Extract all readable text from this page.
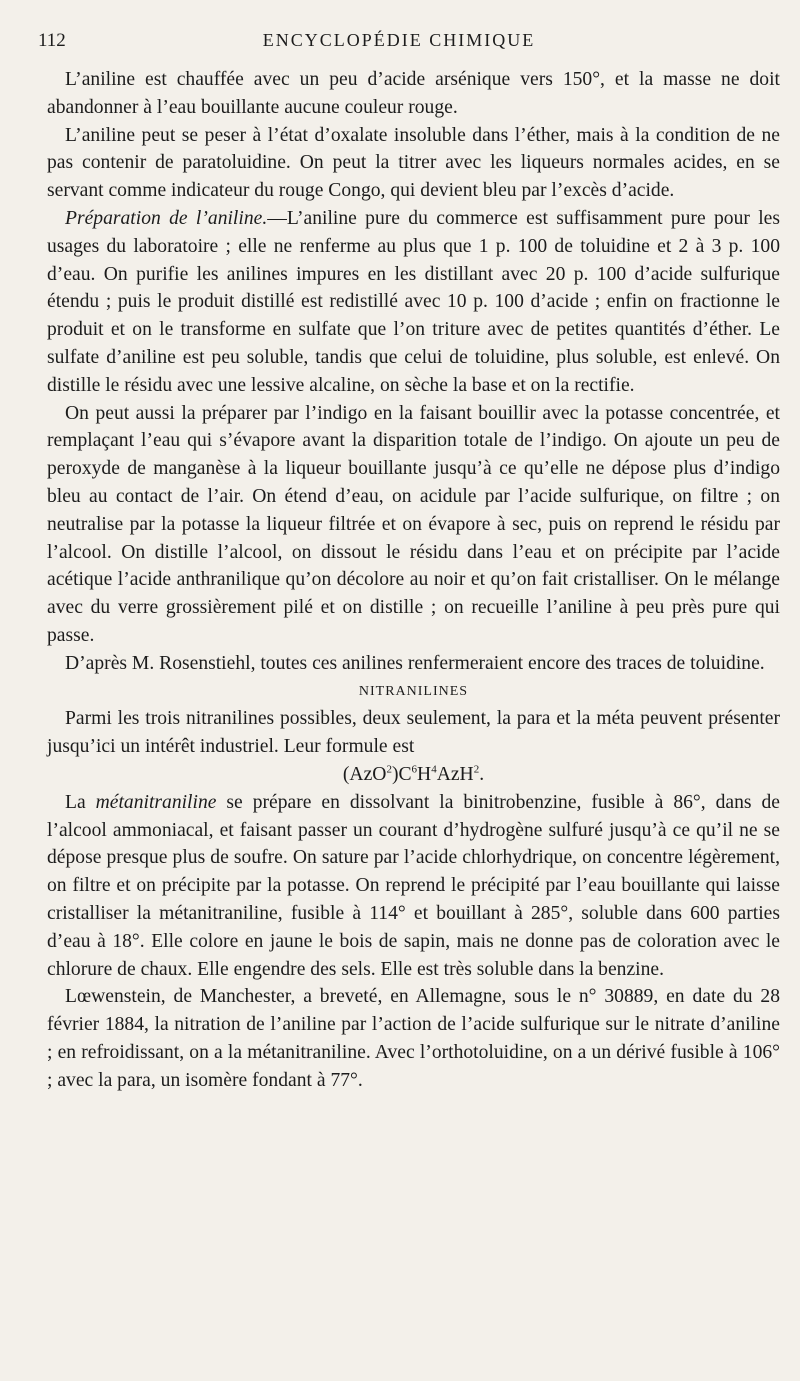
112	ENCYCLOPÉDIE CHIMIQUE

L’aniline est chauffée avec un peu d’acide arsénique vers 150°, et la masse ne doit abandonner à l’eau bouillante aucune couleur rouge.

L’aniline peut se peser à l’état d’oxalate insoluble dans l’éther, mais à la condition de ne pas contenir de paratoluidine. On peut la titrer avec les liqueurs normales acides, en se servant comme indicateur du rouge Congo, qui devient bleu par l’excès d’acide.

Préparation de l’aniline.—L’aniline pure du commerce est suffisamment pure pour les usages du laboratoire ; elle ne renferme au plus que 1 p. 100 de toluidine et 2 à 3 p. 100 d’eau. On purifie les anilines impures en les distillant avec 20 p. 100 d’acide sulfurique étendu ; puis le produit distillé est redistillé avec 10 p. 100 d’acide ; enfin on fractionne le produit et on le transforme en sulfate que l’on triture avec de petites quantités d’éther. Le sulfate d’aniline est peu soluble, tandis que celui de toluidine, plus soluble, est enlevé. On distille le résidu avec une lessive alcaline, on sèche la base et on la rectifie.

On peut aussi la préparer par l’indigo en la faisant bouillir avec la potasse concentrée, et remplaçant l’eau qui s’évapore avant la disparition totale de l’indigo. On ajoute un peu de peroxyde de manganèse à la liqueur bouillante jusqu’à ce qu’elle ne dépose plus d’indigo bleu au contact de l’air. On étend d’eau, on acidule par l’acide sulfurique, on filtre ; on neutralise par la potasse la liqueur filtrée et on évapore à sec, puis on reprend le résidu par l’alcool. On distille l’alcool, on dissout le résidu dans l’eau et on précipite par l’acide acétique l’acide anthranilique qu’on décolore au noir et qu’on fait cristalliser. On le mélange avec du verre grossièrement pilé et on distille ; on recueille l’aniline à peu près pure qui passe.

D’après M. Rosenstiehl, toutes ces anilines renfermeraient encore des traces de toluidine.

NITRANILINES

Parmi les trois nitranilines possibles, deux seulement, la para et la méta peuvent présenter jusqu’ici un intérêt industriel. Leur formule est

$(AzO^2)C^6H^4AzH^2$.

La métanitraniline se prépare en dissolvant la binitrobenzine, fusible à 86°, dans de l’alcool ammoniacal, et faisant passer un courant d’hydrogène sulfuré jusqu’à ce qu’il ne se dépose presque plus de soufre. On sature par l’acide chlorhydrique, on concentre légèrement, on filtre et on précipite par la potasse. On reprend le précipité par l’eau bouillante qui laisse cristalliser la métanitraniline, fusible à 114° et bouillant à 285°, soluble dans 600 parties d’eau à 18°. Elle colore en jaune le bois de sapin, mais ne donne pas de coloration avec le chlorure de chaux. Elle engendre des sels. Elle est très soluble dans la benzine.

Lœwenstein, de Manchester, a breveté, en Allemagne, sous le n° 30889, en date du 28 février 1884, la nitration de l’aniline par l’action de l’acide sulfurique sur le nitrate d’aniline ; en refroidissant, on a la métanitraniline. Avec l’orthotoluidine, on a un dérivé fusible à 106° ; avec la para, un isomère fondant à 77°.
